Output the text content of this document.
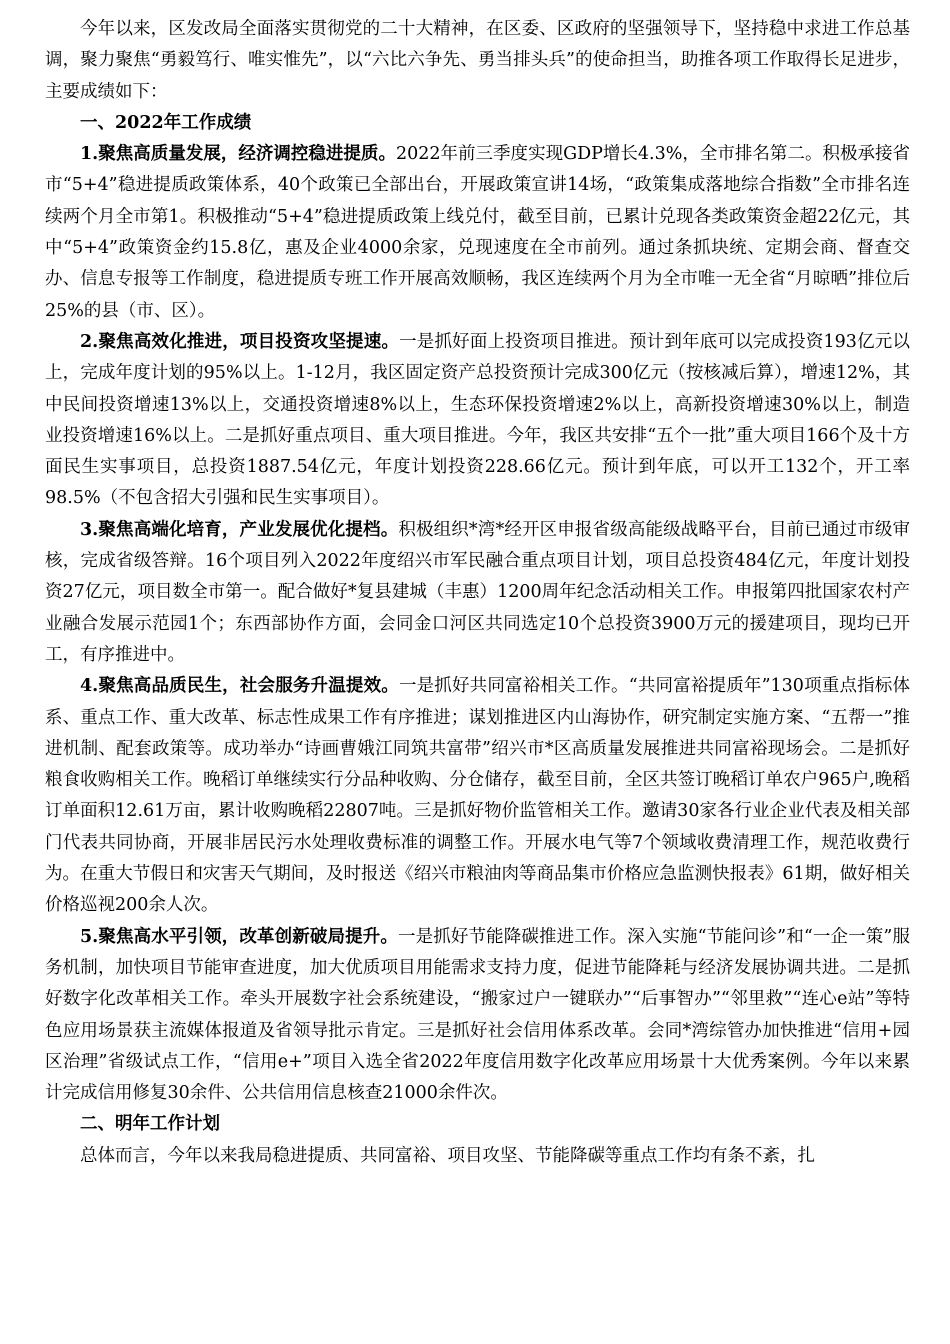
今年以来，区发改局全面落实贯彻党的二十大精神，在区委、区政府的坚强领导下，坚持稳中求进工作总基调，聚力聚焦“勇毅笃行、唯实惟先”，以“六比六争先、勇当排头兵”的使命担当，助推各项工作取得长足进步，主要成绩如下：

一、2022年工作成绩

1.聚焦高质量发展，经济调控稳进提质。2022年前三季度实现GDP增长4.3%，全市排名第二。积极承接省市“5+4”稳进提质政策体系，40个政策已全部出台，开展政策宣讲14场，“政策集成落地综合指数”全市排名连续两个月全市第1。积极推动“5+4”稳进提质政策上线兑付，截至目前，已累计兑现各类政策资金超22亿元，其中“5+4”政策资金约15.8亿，惠及企业4000余家，兑现速度在全市前列。通过条抓块统、定期会商、督查交办、信息专报等工作制度，稳进提质专班工作开展高效顺畅，我区连续两个月为全市唯一无全省“月晾晒”排位后25%的县（市、区）。

2.聚焦高效化推进，项目投资攻坚提速。一是抓好面上投资项目推进。预计到年底可以完成投资193亿元以上，完成年度计划的95%以上。1-12月，我区固定资产总投资预计完成300亿元（按核减后算），增速12%，其中民间投资增速13%以上，交通投资增速8%以上，生态环保投资增速2%以上，高新投资增速30%以上，制造业投资增速16%以上。二是抓好重点项目、重大项目推进。今年，我区共安排“五个一批”重大项目166个及十方面民生实事项目，总投资1887.54亿元，年度计划投资228.66亿元。预计到年底，可以开工132个，开工率98.5%（不包含招大引强和民生实事项目）。

3.聚焦高端化培育，产业发展优化提档。积极组织*湾*经开区申报省级高能级战略平台，目前已通过市级审核，完成省级答辩。16个项目列入2022年度绍兴市军民融合重点项目计划，项目总投资484亿元，年度计划投资27亿元，项目数全市第一。配合做好*复县建城（丰惠）1200周年纪念活动相关工作。申报第四批国家农村产业融合发展示范园1个；东西部协作方面，会同金口河区共同选定10个总投资3900万元的援建项目，现均已开工，有序推进中。

4.聚焦高品质民生，社会服务升温提效。一是抓好共同富裕相关工作。“共同富裕提质年”130项重点指标体系、重点工作、重大改革、标志性成果工作有序推进；谋划推进区内山海协作，研究制定实施方案、“五帮一”推进机制、配套政策等。成功举办“诗画曹娥江同筑共富带”绍兴市*区高质量发展推进共同富裕现场会。二是抓好粮食收购相关工作。晚稻订单继续实行分品种收购、分仓储存，截至目前，全区共签订晚稻订单农户965户,晚稻订单面积12.61万亩，累计收购晚稻22807吨。三是抓好物价监管相关工作。邀请30家各行业企业代表及相关部门代表共同协商，开展非居民污水处理收费标准的调整工作。开展水电气等7个领域收费清理工作，规范收费行为。在重大节假日和灾害天气期间，及时报送《绍兴市粮油肉等商品集市价格应急监测快报表》61期，做好相关价格巡视200余人次。

5.聚焦高水平引领，改革创新破局提升。一是抓好节能降碳推进工作。深入实施“节能问诊”和“一企一策”服务机制，加快项目节能审查进度，加大优质项目用能需求支持力度，促进节能降耗与经济发展协调共进。二是抓好数字化改革相关工作。牵头开展数字社会系统建设，“搬家过户一键联办”“后事智办”“邻里救”“连心e站”等特色应用场景获主流媒体报道及省领导批示肯定。三是抓好社会信用体系改革。会同*湾综管办加快推进“信用+园区治理”省级试点工作，“信用e+”项目入选全省2022年度信用数字化改革应用场景十大优秀案例。今年以来累计完成信用修复30余件、公共信用信息核查21000余件次。

二、明年工作计划

总体而言，今年以来我局稳进提质、共同富裕、项目攻坚、节能降碳等重点工作均有条不紊，扎
